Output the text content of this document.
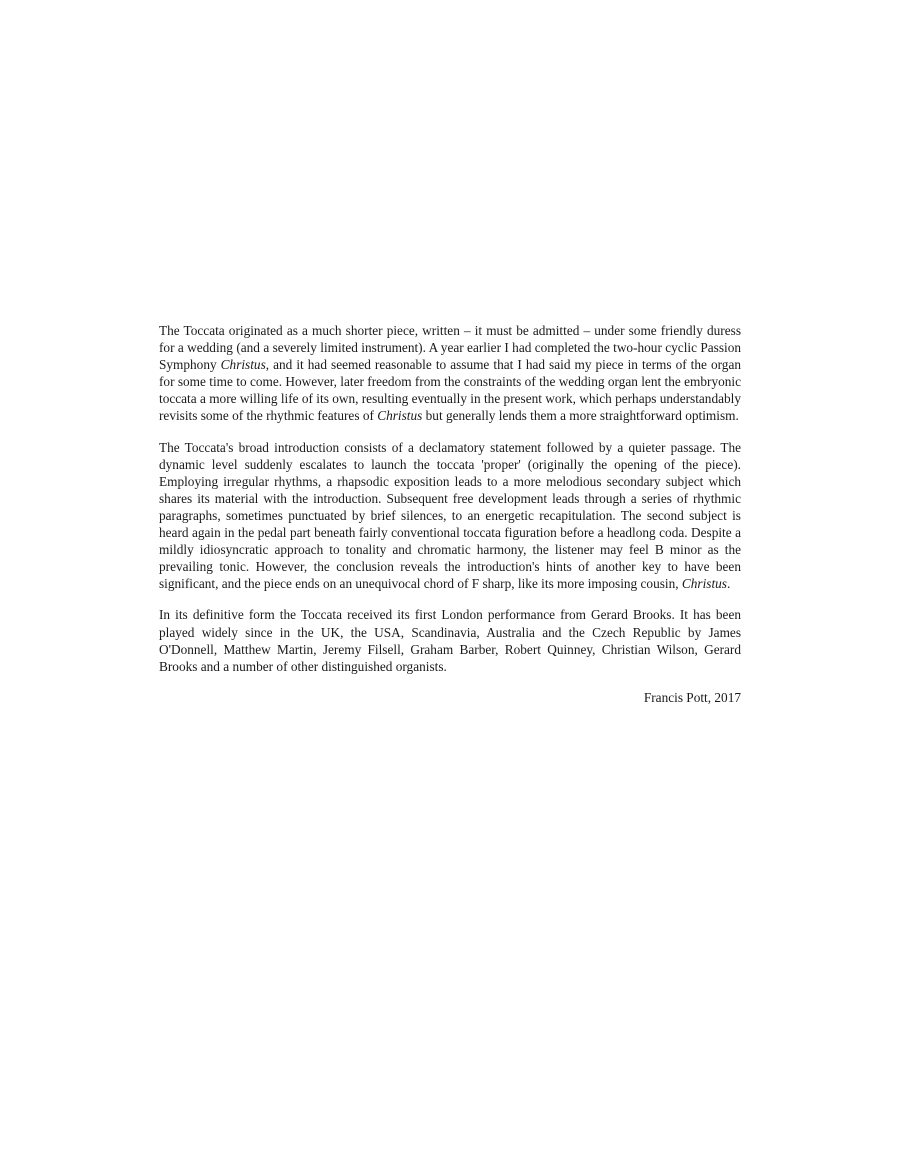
The Toccata originated as a much shorter piece, written – it must be admitted – under some friendly duress for a wedding (and a severely limited instrument). A year earlier I had completed the two-hour cyclic Passion Symphony Christus, and it had seemed reasonable to assume that I had said my piece in terms of the organ for some time to come. However, later freedom from the constraints of the wedding organ lent the embryonic toccata a more willing life of its own, resulting eventually in the present work, which perhaps understandably revisits some of the rhythmic features of Christus but generally lends them a more straightforward optimism.

The Toccata's broad introduction consists of a declamatory statement followed by a quieter passage. The dynamic level suddenly escalates to launch the toccata 'proper' (originally the opening of the piece). Employing irregular rhythms, a rhapsodic exposition leads to a more melodious secondary subject which shares its material with the introduction. Subsequent free development leads through a series of rhythmic paragraphs, sometimes punctuated by brief silences, to an energetic recapitulation. The second subject is heard again in the pedal part beneath fairly conventional toccata figuration before a headlong coda. Despite a mildly idiosyncratic approach to tonality and chromatic harmony, the listener may feel B minor as the prevailing tonic. However, the conclusion reveals the introduction's hints of another key to have been significant, and the piece ends on an unequivocal chord of F sharp, like its more imposing cousin, Christus.

In its definitive form the Toccata received its first London performance from Gerard Brooks. It has been played widely since in the UK, the USA, Scandinavia, Australia and the Czech Republic by James O'Donnell, Matthew Martin, Jeremy Filsell, Graham Barber, Robert Quinney, Christian Wilson, Gerard Brooks and a number of other distinguished organists.

Francis Pott, 2017
